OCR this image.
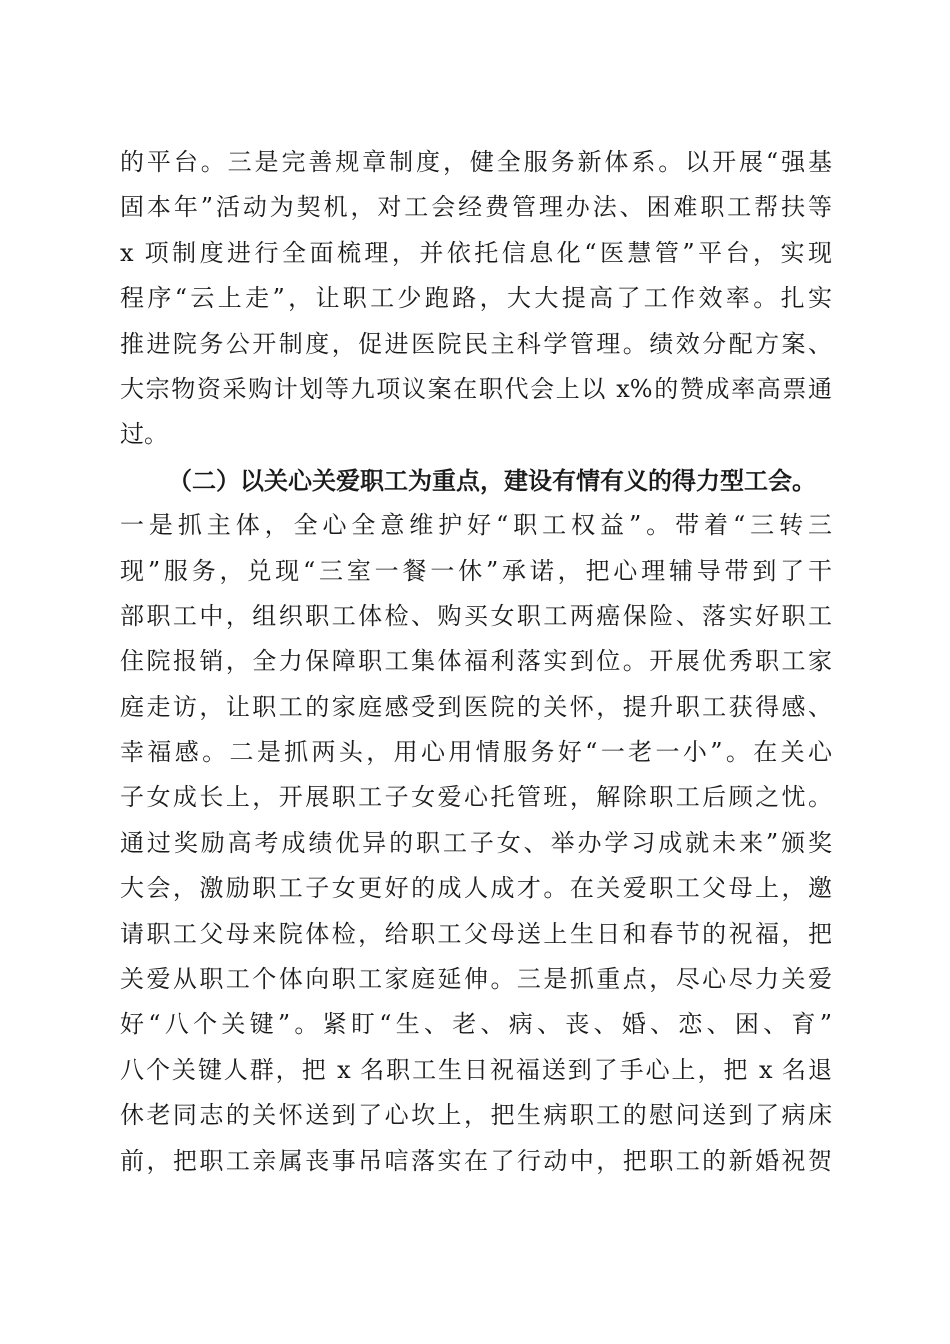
的平台。三是完善规章制度，健全服务新体系。以开展“强基
固本年”活动为契机，对工会经费管理办法、困难职工帮扶等
x 项制度进行全面梳理，并依托信息化“医慧管”平台，实现
程序“云上走”，让职工少跑路，大大提高了工作效率。扎实
推进院务公开制度，促进医院民主科学管理。绩效分配方案、
大宗物资采购计划等九项议案在职代会上以 x%的赞成率高票通
过。
（二）以关心关爱职工为重点，建设有情有义的得力型工会。
一是抓主体，全心全意维护好“职工权益”。带着“三转三
现”服务，兑现“三室一餐一休”承诺，把心理辅导带到了干
部职工中，组织职工体检、购买女职工两癌保险、落实好职工
住院报销，全力保障职工集体福利落实到位。开展优秀职工家
庭走访，让职工的家庭感受到医院的关怀，提升职工获得感、
幸福感。二是抓两头，用心用情服务好“一老一小”。在关心
子女成长上，开展职工子女爱心托管班，解除职工后顾之忧。
通过奖励高考成绩优异的职工子女、举办学习成就未来”颁奖
大会，激励职工子女更好的成人成才。在关爱职工父母上，邀
请职工父母来院体检，给职工父母送上生日和春节的祝福，把
关爱从职工个体向职工家庭延伸。三是抓重点，尽心尽力关爱
好“八个关键”。紧盯“生、老、病、丧、婚、恋、困、育”
八个关键人群，把 x 名职工生日祝福送到了手心上，把 x 名退
休老同志的关怀送到了心坎上，把生病职工的慰问送到了病床
前，把职工亲属丧事吊唁落实在了行动中，把职工的新婚祝贺
